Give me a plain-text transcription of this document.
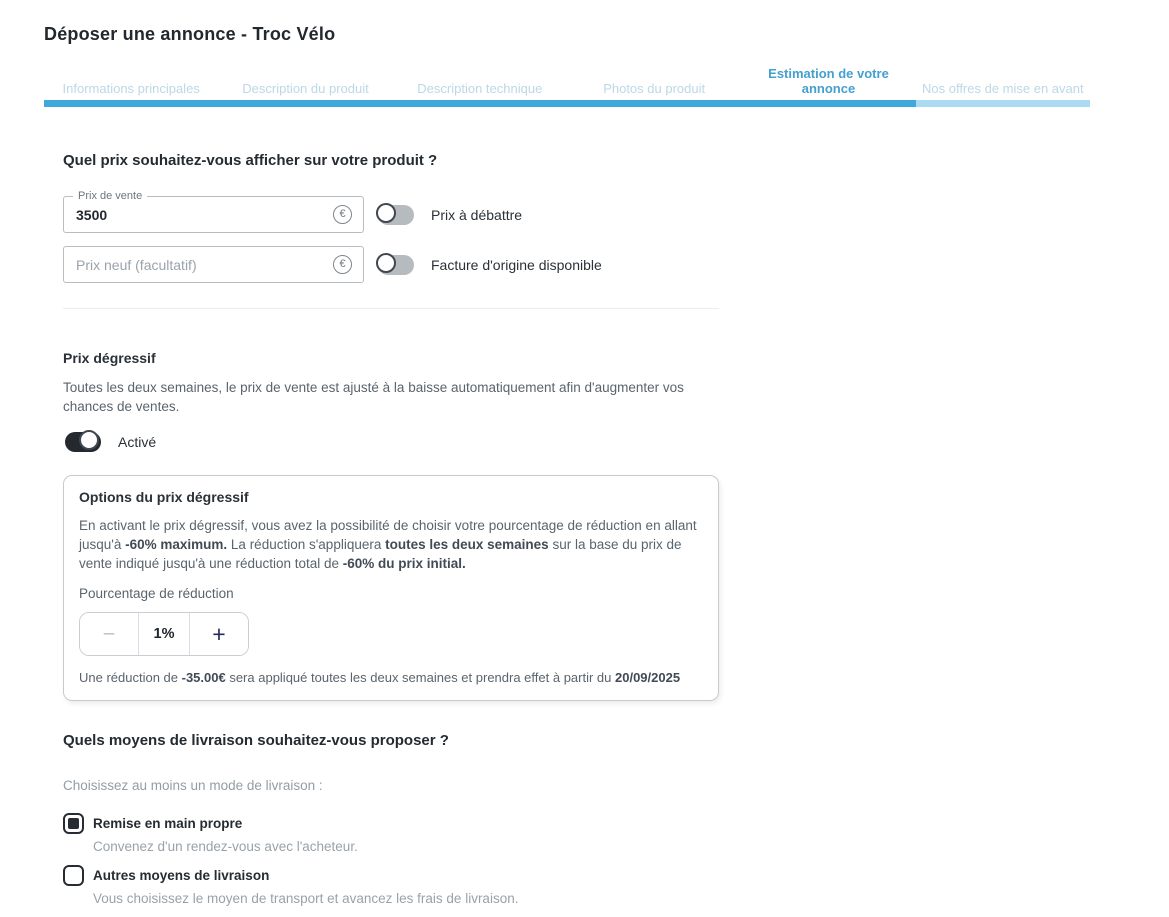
Déposer une annonce - Troc Vélo
Informations principales	Description du produit	Description technique	Photos du produit
Estimation de votre annonce	Nos offres de mise en avant
Quel prix souhaitez-vous afficher sur votre produit ?
Prix de vente
3500
€	Prix à débattre
Prix neuf (facultatif)
€	Facture d'origine disponible
Prix dégressif
Toutes les deux semaines, le prix de vente est ajusté à la baisse automatiquement afin d'augmenter vos chances de ventes.
Activé
Options du prix dégressif
En activant le prix dégressif, vous avez la possibilité de choisir votre pourcentage de réduction en allant jusqu'à -60% maximum. La réduction s'appliquera toutes les deux semaines sur la base du prix de vente indiqué jusqu'à une réduction total de -60% du prix initial.
Pourcentage de réduction
–	1%	+
Une réduction de -35.00€ sera appliqué toutes les deux semaines et prendra effet à partir du 20/09/2025
Quels moyens de livraison souhaitez-vous proposer ?
Choisissez au moins un mode de livraison :
Remise en main propre
Convenez d'un rendez-vous avec l'acheteur.
Autres moyens de livraison
Vous choisissez le moyen de transport et avancez les frais de livraison.
